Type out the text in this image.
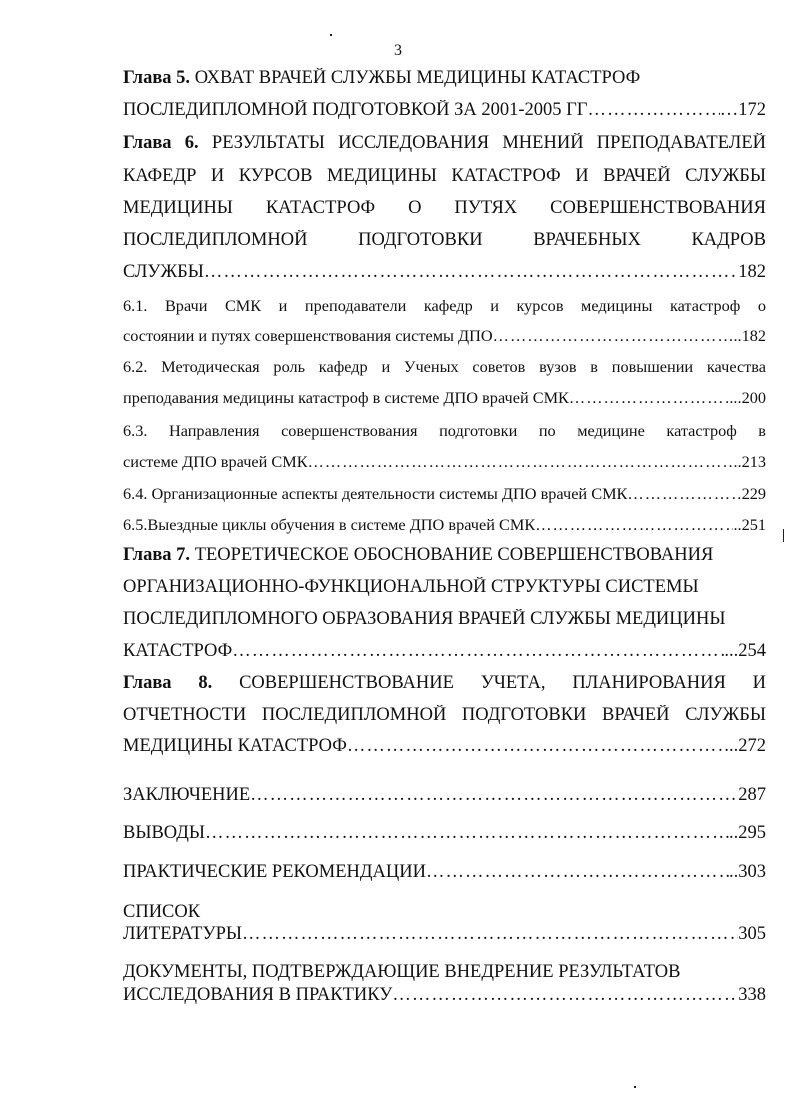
3
Глава 5. ОХВАТ ВРАЧЕЙ СЛУЖБЫ МЕДИЦИНЫ КАТАСТРОФ
ПОСЛЕДИПЛОМНОЙ ПОДГОТОВКОЙ ЗА 2001-2005 ГГ …………………………………………………………………………………………………………………………………………………………………………	…172
Глава 6. РЕЗУЛЬТАТЫ ИССЛЕДОВАНИЯ МНЕНИЙ ПРЕПОДАВАТЕЛЕЙ
КАФЕДР И КУРСОВ МЕДИЦИНЫ КАТАСТРОФ И ВРАЧЕЙ СЛУЖБЫ
МЕДИЦИНЫ КАТАСТРОФ О ПУТЯХ СОВЕРШЕНСТВОВАНИЯ
ПОСЛЕДИПЛОМНОЙ ПОДГОТОВКИ ВРАЧЕБНЫХ КАДРОВ
СЛУЖБЫ …………………………………………………………………………………………………………………………………………………………………………	182
6.1. Врачи СМК и преподаватели кафедр и курсов медицины катастроф о
состоянии и путях совершенствования системы ДПО …………………………………………………………………………………………………………………………………………………………………………	..182
6.2. Методическая роль кафедр и Ученых советов вузов в повышении качества
преподавания медицины катастроф в системе ДПО врачей СМК …………………………………………………………………………………………………………………………………………………………………………	...200
6.3. Направления совершенствования подготовки по медицине катастроф в
системе ДПО врачей СМК …………………………………………………………………………………………………………………………………………………………………………	..213
6.4. Организационные аспекты деятельности системы ДПО врачей СМК …………………………………………………………………………………………………………………………………………………………………………	229
6.5.Выездные циклы обучения в системе ДПО врачей СМК …………………………………………………………………………………………………………………………………………………………………………	..251
Глава 7. ТЕОРЕТИЧЕСКОЕ ОБОСНОВАНИЕ СОВЕРШЕНСТВОВАНИЯ
ОРГАНИЗАЦИОННО-ФУНКЦИОНАЛЬНОЙ СТРУКТУРЫ СИСТЕМЫ
ПОСЛЕДИПЛОМНОГО ОБРАЗОВАНИЯ ВРАЧЕЙ СЛУЖБЫ МЕДИЦИНЫ
КАТАСТРОФ …………………………………………………………………………………………………………………………………………………………………………	...254
Глава 8. СОВЕРШЕНСТВОВАНИЕ УЧЕТА, ПЛАНИРОВАНИЯ И
ОТЧЕТНОСТИ ПОСЛЕДИПЛОМНОЙ ПОДГОТОВКИ ВРАЧЕЙ СЛУЖБЫ
МЕДИЦИНЫ КАТАСТРОФ …………………………………………………………………………………………………………………………………………………………………………	..272
ЗАКЛЮЧЕНИЕ …………………………………………………………………………………………………………………………………………………………………………	287
ВЫВОДЫ …………………………………………………………………………………………………………………………………………………………………………	..295
ПРАКТИЧЕСКИЕ РЕКОМЕНДАЦИИ …………………………………………………………………………………………………………………………………………………………………………	..303
СПИСОК
ЛИТЕРАТУРЫ …………………………………………………………………………………………………………………………………………………………………………	305
ДОКУМЕНТЫ, ПОДТВЕРЖДАЮЩИЕ ВНЕДРЕНИЕ РЕЗУЛЬТАТОВ
ИССЛЕДОВАНИЯ В ПРАКТИКУ …………………………………………………………………………………………………………………………………………………………………………	338
